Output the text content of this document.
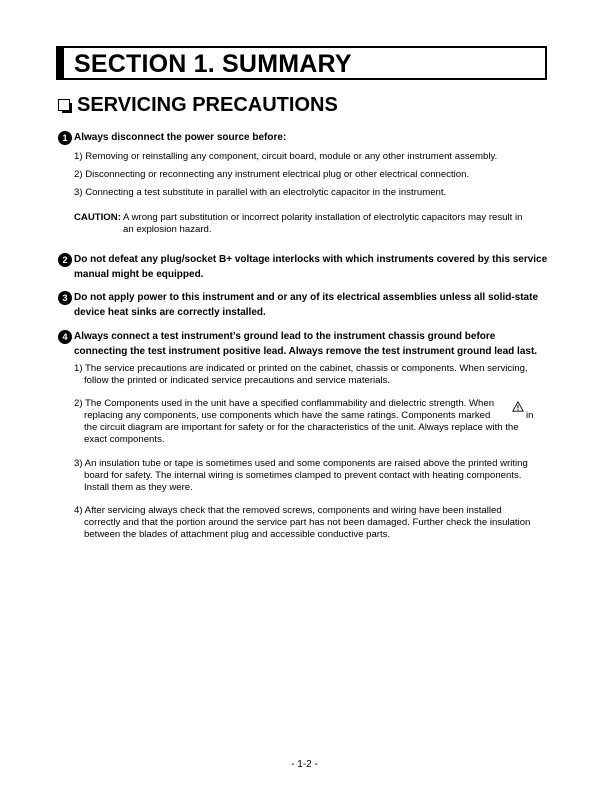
SECTION 1. SUMMARY
SERVICING PRECAUTIONS
1 Always disconnect the power source before:
1) Removing or reinstalling any component, circuit board, module or any other instrument assembly.
2) Disconnecting or reconnecting any instrument electrical plug or other electrical connection.
3) Connecting a test substitute in parallel with an electrolytic capacitor in the instrument.
CAUTION: A wrong part substitution or incorrect polarity installation of electrolytic capacitors may result in
an explosion hazard.
2 Do not defeat any plug/socket B+ voltage interlocks with which instruments covered by this service
manual might be equipped.
3 Do not apply power to this instrument and or any of its electrical assemblies unless all solid-state
device heat sinks are correctly installed.
4 Always connect a test instrument’s ground lead to the instrument chassis ground before
connecting the test instrument positive lead. Always remove the test instrument ground lead last.
1) The service precautions are indicated or printed on the cabinet, chassis or components. When servicing,
follow the printed or indicated service precautions and service materials.
2) The Components used in the unit have a specified conflammability and dielectric strength. When
replacing any components, use components which have the same ratings. Components marked	in
the circuit diagram are important for safety or for the characteristics of the unit. Always replace with the
exact components.
3) An insulation tube or tape is sometimes used and some components are raised above the printed writing
board for safety. The internal wiring is sometimes clamped to prevent contact with heating components.
Install them as they were.
4) After servicing always check that the removed screws, components and wiring have been installed
correctly and that the portion around the service part has not been damaged. Further check the insulation
between the blades of attachment plug and accessible conductive parts.
- 1-2 -
